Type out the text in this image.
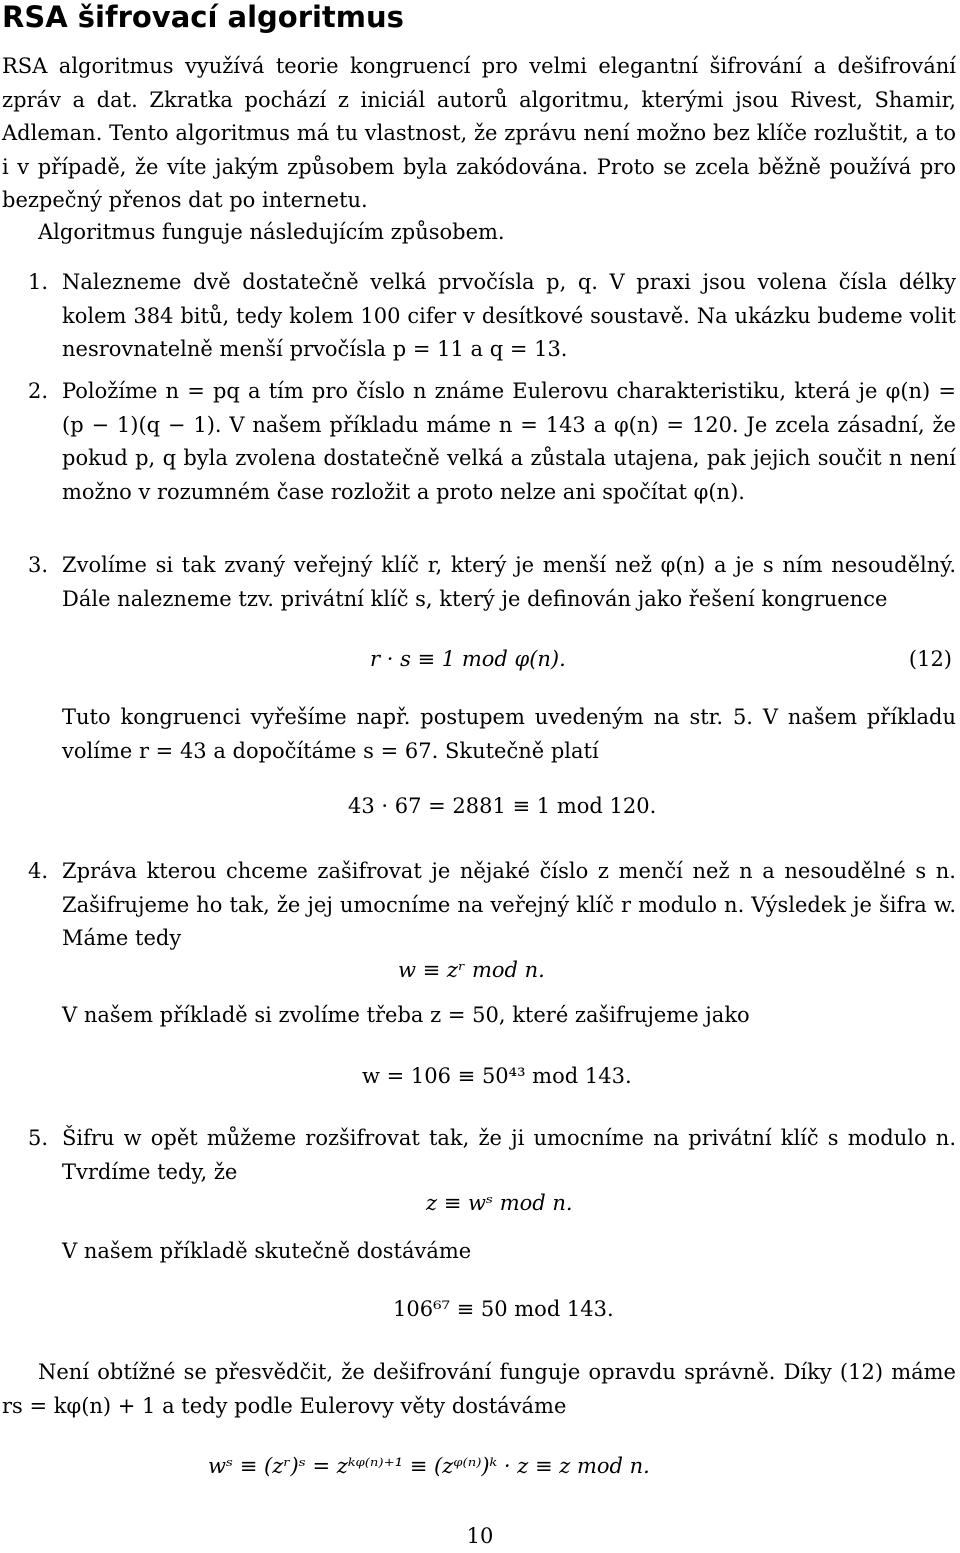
RSA šifrovací algoritmus
RSA algoritmus využívá teorie kongruencí pro velmi elegantní šifrování a dešifrování zpráv a dat. Zkratka pochází z iniciál autorů algoritmu, kterými jsou Rivest, Shamir, Adleman. Tento algoritmus má tu vlastnost, že zprávu není možno bez klíče rozluštit, a to i v případě, že víte jakým způsobem byla zakódována. Proto se zcela běžně používá pro bezpečný přenos dat po internetu.
Algoritmus funguje následujícím způsobem.
1. Nalezneme dvě dostatečně velká prvočísla p, q. V praxi jsou volena čísla délky kolem 384 bitů, tedy kolem 100 cifer v desítkové soustavě. Na ukázku budeme volit nesrovnatelně menší prvočísla p = 11 a q = 13.
2. Položíme n = pq a tím pro číslo n známe Eulerovu charakteristiku, která je φ(n) = (p − 1)(q − 1). V našem příkladu máme n = 143 a φ(n) = 120. Je zcela zásadní, že pokud p, q byla zvolena dostatečně velká a zůstala utajena, pak jejich součit n není možno v rozumném čase rozložit a proto nelze ani spočítat φ(n).
3. Zvolíme si tak zvaný veřejný klíč r, který je menší než φ(n) a je s ním nesoudělný. Dále nalezneme tzv. privátní klíč s, který je definován jako řešení kongruence
r · s ≡ 1 mod φ(n).	(12)
Tuto kongruenci vyřešíme např. postupem uvedeným na str. 5. V našem příkladu volíme r = 43 a dopočítáme s = 67. Skutečně platí
43 · 67 = 2881 ≡ 1 mod 120.
4. Zpráva kterou chceme zašifrovat je nějaké číslo z menčí než n a nesoudělné s n. Zašifrujeme ho tak, že jej umocníme na veřejný klíč r modulo n. Výsledek je šifra w. Máme tedy
w ≡ zʳ mod n.
V našem příkladě si zvolíme třeba z = 50, které zašifrujeme jako
w = 106 ≡ 50⁴³ mod 143.
5. Šifru w opět můžeme rozšifrovat tak, že ji umocníme na privátní klíč s modulo n. Tvrdíme tedy, že
z ≡ wˢ mod n.
V našem příkladě skutečně dostáváme
106⁶⁷ ≡ 50 mod 143.
Není obtížné se přesvědčit, že dešifrování funguje opravdu správně. Díky (12) máme rs = kφ(n) + 1 a tedy podle Eulerovy věty dostáváme
wˢ ≡ (zʳ)ˢ = zᵏᵠ⁽ⁿ⁾⁺¹ ≡ (zᵠ⁽ⁿ⁾)ᵏ · z ≡ z mod n.
10
